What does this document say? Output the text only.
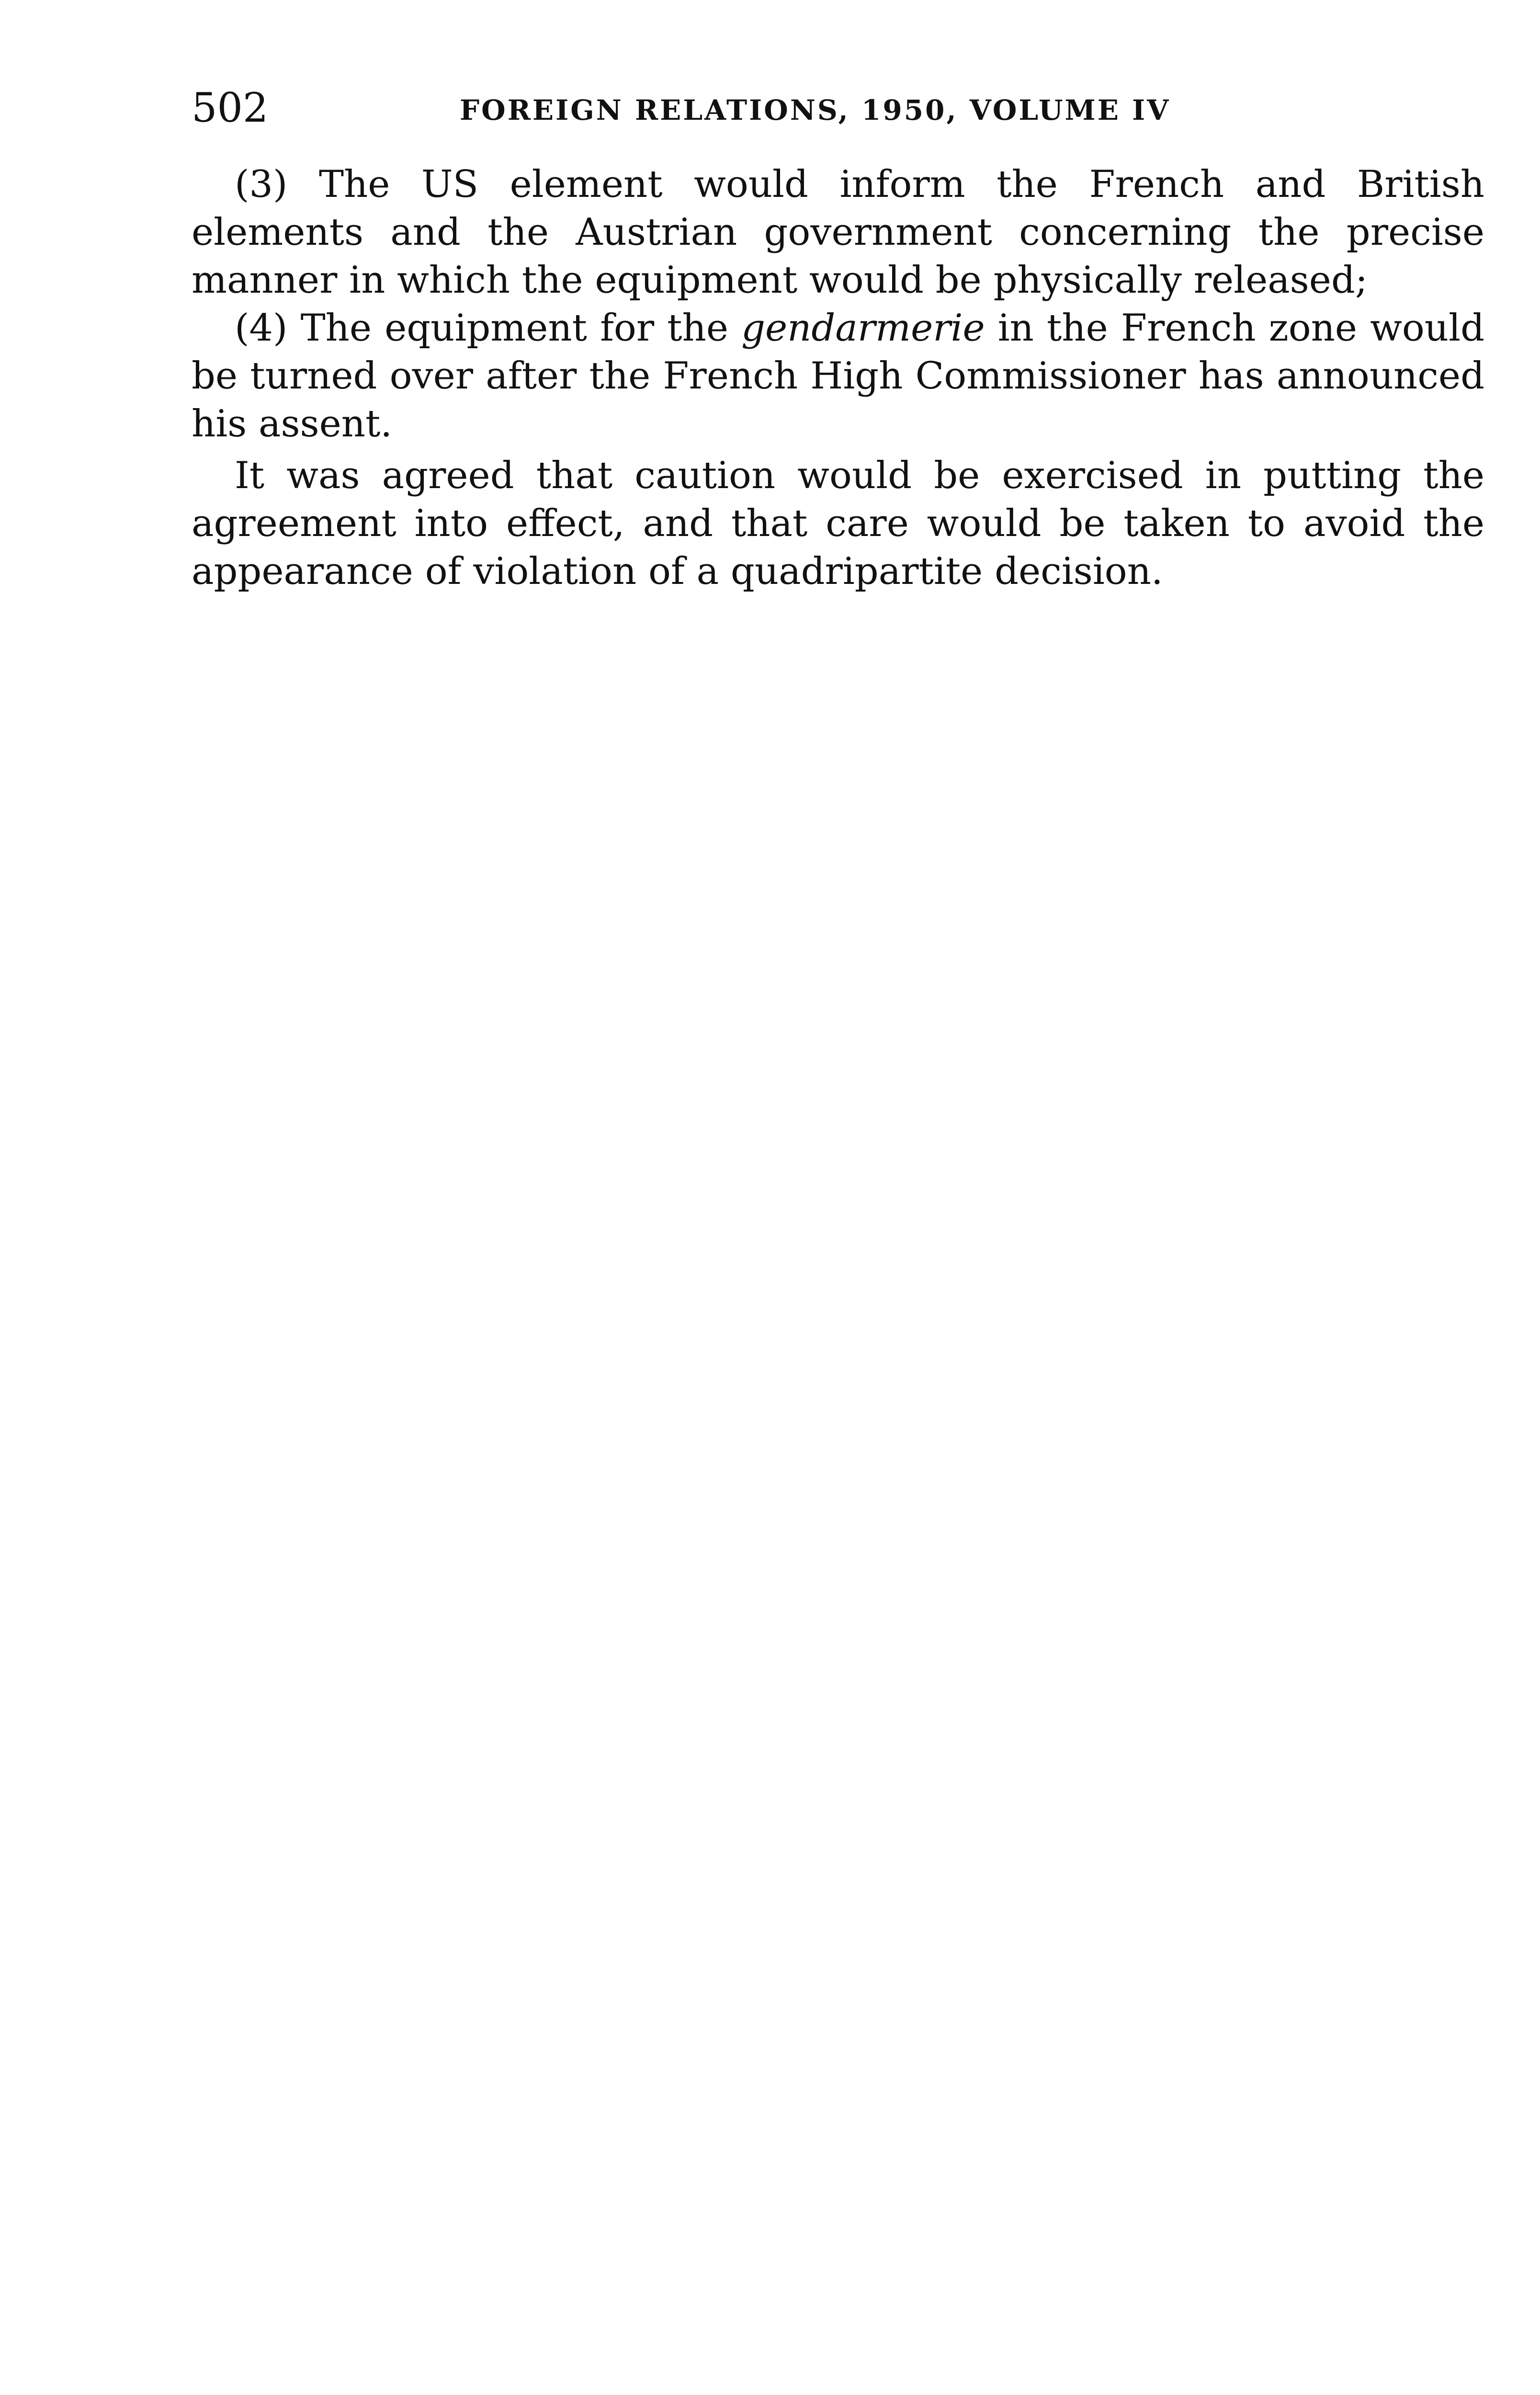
502	FOREIGN RELATIONS, 1950, VOLUME IV

(3) The US element would inform the French and British elements and the Austrian government concerning the precise manner in which the equipment would be physically released;

(4) The equipment for the gendarmerie in the French zone would be turned over after the French High Commissioner has announced his assent.

It was agreed that caution would be exercised in putting the agreement into effect, and that care would be taken to avoid the appearance of violation of a quadripartite decision.
